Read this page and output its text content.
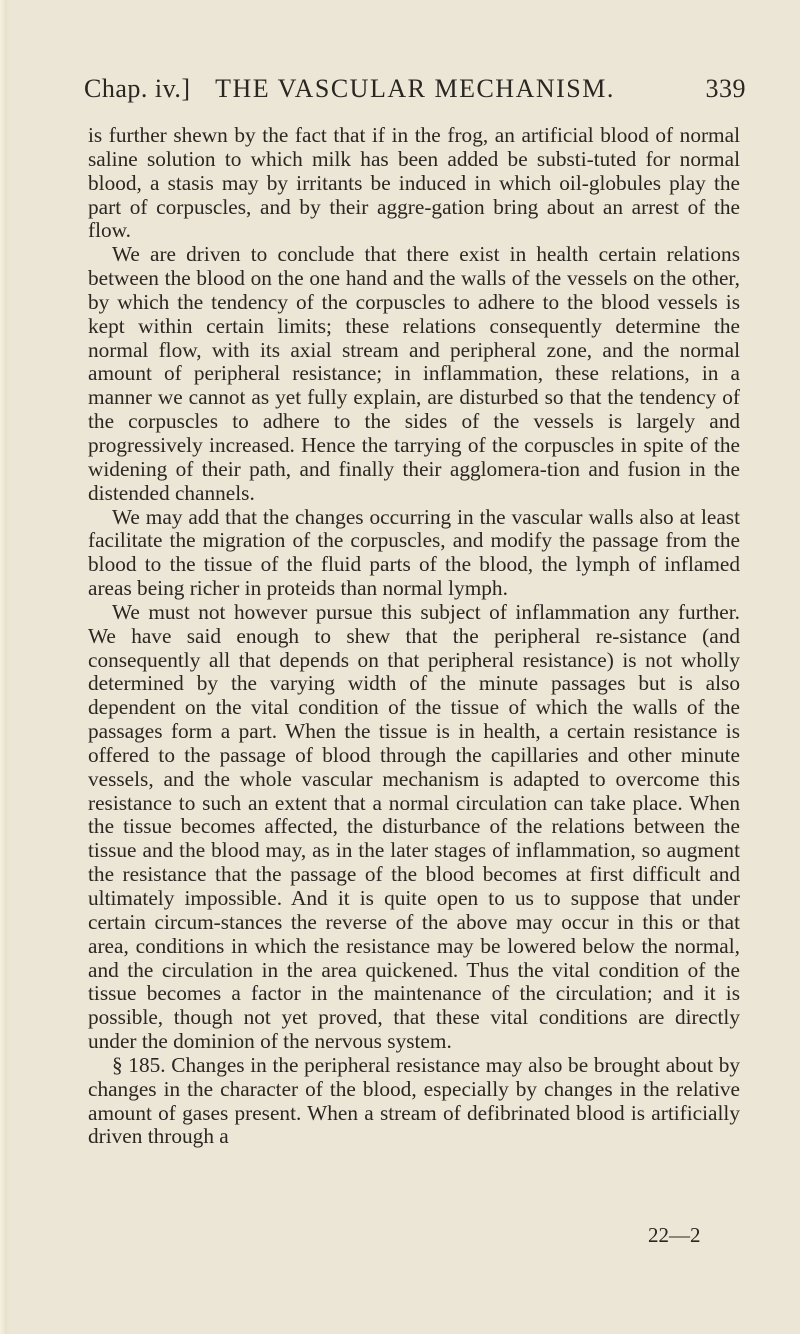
Chap. iv.] THE VASCULAR MECHANISM.	339

is further shewn by the fact that if in the frog, an artificial blood of normal saline solution to which milk has been added be substi-tuted for normal blood, a stasis may by irritants be induced in which oil-globules play the part of corpuscles, and by their aggre-gation bring about an arrest of the flow.

We are driven to conclude that there exist in health certain relations between the blood on the one hand and the walls of the vessels on the other, by which the tendency of the corpuscles to adhere to the blood vessels is kept within certain limits; these relations consequently determine the normal flow, with its axial stream and peripheral zone, and the normal amount of peripheral resistance; in inflammation, these relations, in a manner we cannot as yet fully explain, are disturbed so that the tendency of the corpuscles to adhere to the sides of the vessels is largely and progressively increased. Hence the tarrying of the corpuscles in spite of the widening of their path, and finally their agglomera-tion and fusion in the distended channels.

We may add that the changes occurring in the vascular walls also at least facilitate the migration of the corpuscles, and modify the passage from the blood to the tissue of the fluid parts of the blood, the lymph of inflamed areas being richer in proteids than normal lymph.

We must not however pursue this subject of inflammation any further. We have said enough to shew that the peripheral re-sistance (and consequently all that depends on that peripheral resistance) is not wholly determined by the varying width of the minute passages but is also dependent on the vital condition of the tissue of which the walls of the passages form a part. When the tissue is in health, a certain resistance is offered to the passage of blood through the capillaries and other minute vessels, and the whole vascular mechanism is adapted to overcome this resistance to such an extent that a normal circulation can take place. When the tissue becomes affected, the disturbance of the relations between the tissue and the blood may, as in the later stages of inflammation, so augment the resistance that the passage of the blood becomes at first difficult and ultimately impossible. And it is quite open to us to suppose that under certain circum-stances the reverse of the above may occur in this or that area, conditions in which the resistance may be lowered below the normal, and the circulation in the area quickened. Thus the vital condition of the tissue becomes a factor in the maintenance of the circulation; and it is possible, though not yet proved, that these vital conditions are directly under the dominion of the nervous system.

§ 185. Changes in the peripheral resistance may also be brought about by changes in the character of the blood, especially by changes in the relative amount of gases present. When a stream of defibrinated blood is artificially driven through a

22—2
